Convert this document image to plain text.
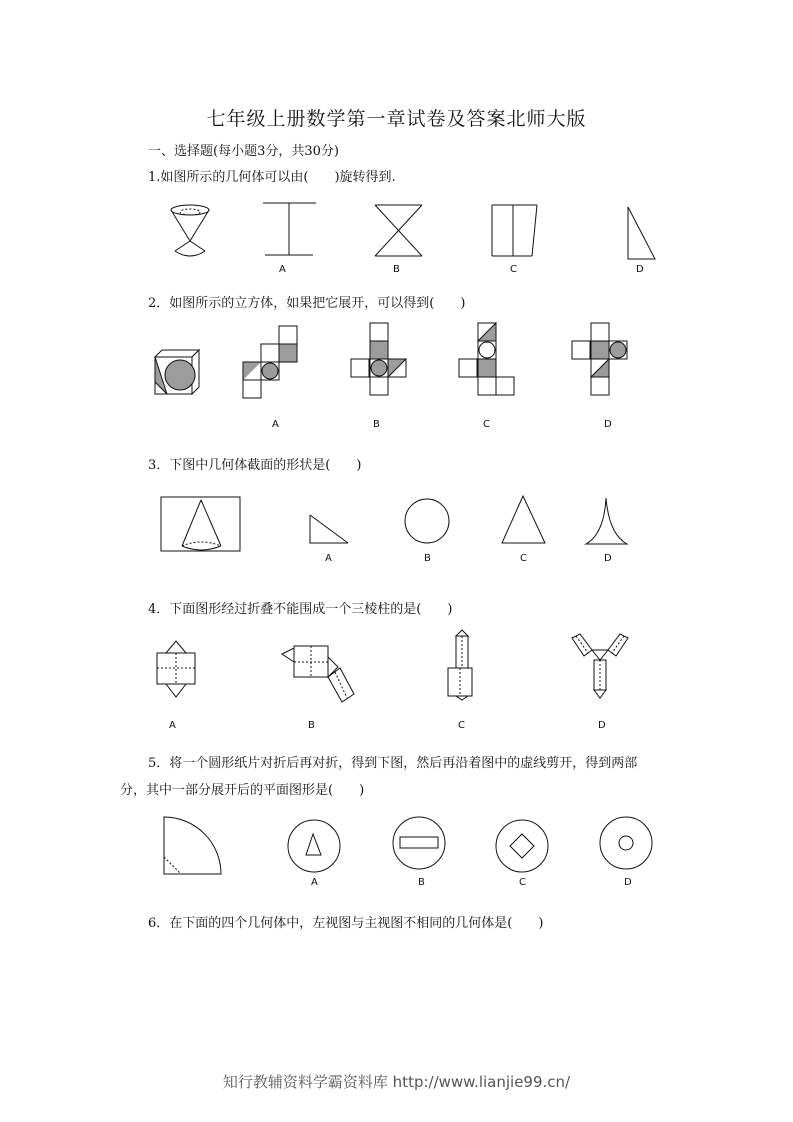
七年级上册数学第一章试卷及答案北师大版
一、选择题(每小题3分，共30分)
1.如图所示的几何体可以由(　　)旋转得到.
A	B	C	D
2．如图所示的立方体，如果把它展开，可以得到(　　)
A	B	C	D
3．下图中几何体截面的形状是(　　)
A	B	C	D
4．下面图形经过折叠不能围成一个三棱柱的是(　　)
A	B	C	D
5．将一个圆形纸片对折后再对折，得到下图，然后再沿着图中的虚线剪开，得到两部
分，其中一部分展开后的平面图形是(　　)
A	B	C	D
6．在下面的四个几何体中，左视图与主视图不相同的几何体是(　　)
知行教辅资料学霸资料库 http://www.lianjie99.cn/
